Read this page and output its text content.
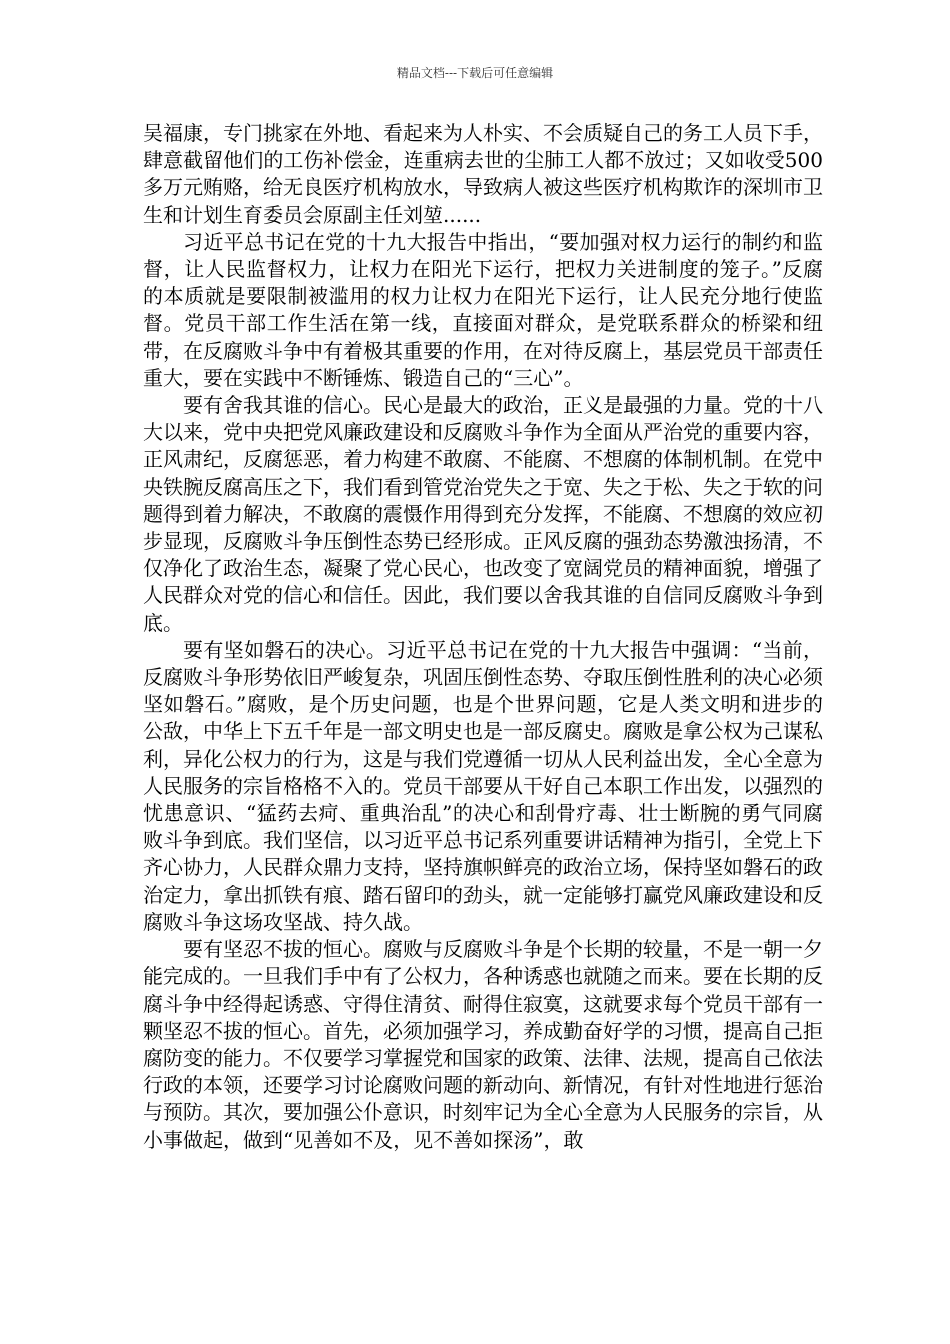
精品文档---下载后可任意编辑

吴福康，专门挑家在外地、看起来为人朴实、不会质疑自己的务工人员下手，肆意截留他们的工伤补偿金，连重病去世的尘肺工人都不放过；又如收受500多万元贿赂，给无良医疗机构放水，导致病人被这些医疗机构欺诈的深圳市卫生和计划生育委员会原副主任刘堃......

习近平总书记在党的十九大报告中指出，“要加强对权力运行的制约和监督，让人民监督权力，让权力在阳光下运行，把权力关进制度的笼子。”反腐的本质就是要限制被滥用的权力让权力在阳光下运行，让人民充分地行使监督。党员干部工作生活在第一线，直接面对群众，是党联系群众的桥梁和纽带，在反腐败斗争中有着极其重要的作用，在对待反腐上，基层党员干部责任重大，要在实践中不断锤炼、锻造自己的“三心”。

要有舍我其谁的信心。民心是最大的政治，正义是最强的力量。党的十八大以来，党中央把党风廉政建设和反腐败斗争作为全面从严治党的重要内容，正风肃纪，反腐惩恶，着力构建不敢腐、不能腐、不想腐的体制机制。在党中央铁腕反腐高压之下，我们看到管党治党失之于宽、失之于松、失之于软的问题得到着力解决，不敢腐的震慑作用得到充分发挥，不能腐、不想腐的效应初步显现，反腐败斗争压倒性态势已经形成。正风反腐的强劲态势激浊扬清，不仅净化了政治生态，凝聚了党心民心，也改变了宽阔党员的精神面貌，增强了人民群众对党的信心和信任。因此，我们要以舍我其谁的自信同反腐败斗争到底。

要有坚如磐石的决心。习近平总书记在党的十九大报告中强调：“当前，反腐败斗争形势依旧严峻复杂，巩固压倒性态势、夺取压倒性胜利的决心必须坚如磐石。”腐败，是个历史问题，也是个世界问题，它是人类文明和进步的公敌，中华上下五千年是一部文明史也是一部反腐史。腐败是拿公权为己谋私利，异化公权力的行为，这是与我们党遵循一切从人民利益出发，全心全意为人民服务的宗旨格格不入的。党员干部要从干好自己本职工作出发，以强烈的忧患意识、“猛药去疴、重典治乱”的决心和刮骨疗毒、壮士断腕的勇气同腐败斗争到底。我们坚信，以习近平总书记系列重要讲话精神为指引，全党上下齐心协力，人民群众鼎力支持，坚持旗帜鲜亮的政治立场，保持坚如磐石的政治定力，拿出抓铁有痕、踏石留印的劲头，就一定能够打赢党风廉政建设和反腐败斗争这场攻坚战、持久战。

要有坚忍不拔的恒心。腐败与反腐败斗争是个长期的较量，不是一朝一夕能完成的。一旦我们手中有了公权力，各种诱惑也就随之而来。要在长期的反腐斗争中经得起诱惑、守得住清贫、耐得住寂寞，这就要求每个党员干部有一颗坚忍不拔的恒心。首先，必须加强学习，养成勤奋好学的习惯，提高自己拒腐防变的能力。不仅要学习掌握党和国家的政策、法律、法规，提高自己依法行政的本领，还要学习讨论腐败问题的新动向、新情况，有针对性地进行惩治与预防。其次，要加强公仆意识，时刻牢记为全心全意为人民服务的宗旨，从小事做起，做到“见善如不及，见不善如探汤”，敢
